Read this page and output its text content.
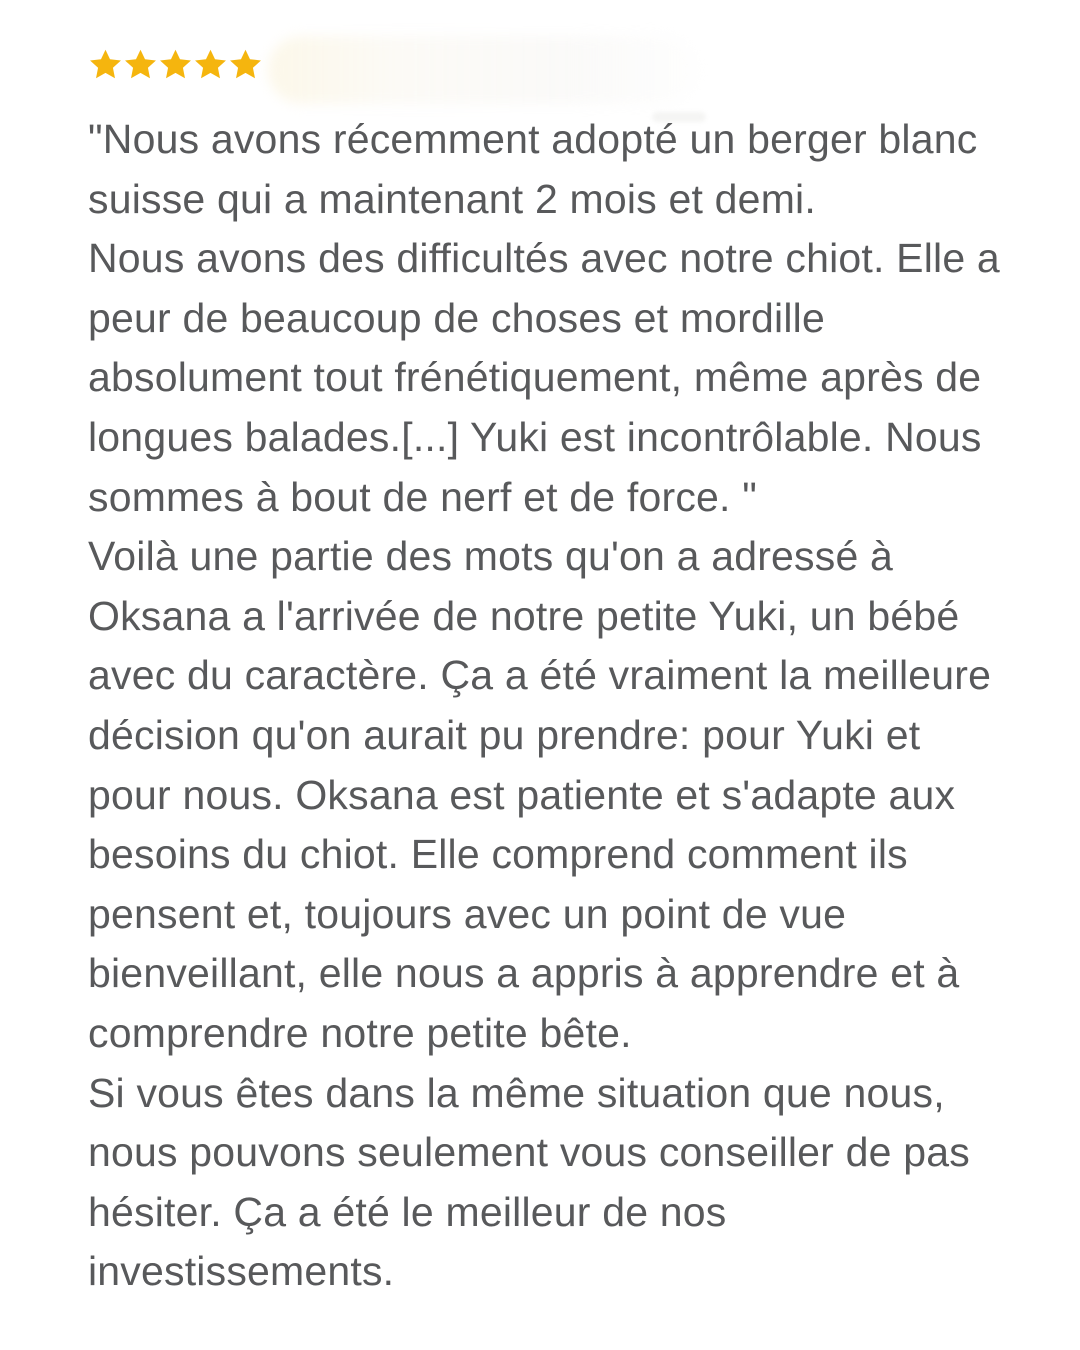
"Nous avons récemment adopté un berger blanc
suisse qui a maintenant 2 mois et demi.
Nous avons des difficultés avec notre chiot. Elle a
peur de beaucoup de choses et mordille
absolument tout frénétiquement, même après de
longues balades.[...] Yuki est incontrôlable. Nous
sommes à bout de nerf et de force. "
Voilà une partie des mots qu'on a adressé à
Oksana a l'arrivée de notre petite Yuki, un bébé
avec du caractère. Ça a été vraiment la meilleure
décision qu'on aurait pu prendre: pour Yuki et
pour nous. Oksana est patiente et s'adapte aux
besoins du chiot. Elle comprend comment ils
pensent et, toujours avec un point de vue
bienveillant, elle nous a appris à apprendre et à
comprendre notre petite bête.
Si vous êtes dans la même situation que nous,
nous pouvons seulement vous conseiller de pas
hésiter. Ça a été le meilleur de nos
investissements.
